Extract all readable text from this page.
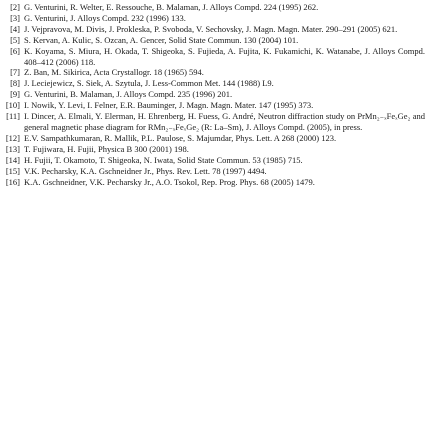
[2] G. Venturini, R. Welter, E. Ressouche, B. Malaman, J. Alloys Compd. 224 (1995) 262.
[3] G. Venturini, J. Alloys Compd. 232 (1996) 133.
[4] J. Vejpravova, M. Divis, J. Prokleska, P. Svoboda, V. Sechovsky, J. Magn. Magn. Mater. 290–291 (2005) 621.
[5] S. Kervan, A. Kulic, S. Ozcan, A. Gencer, Solid State Commun. 130 (2004) 101.
[6] K. Koyama, S. Miura, H. Okada, T. Shigeoka, S. Fujieda, A. Fujita, K. Fukamichi, K. Watanabe, J. Alloys Compd. 408–412 (2006) 118.
[7] Z. Ban, M. Sikirica, Acta Crystallogr. 18 (1965) 594.
[8] J. Leciejewicz, S. Siek, A. Szytula, J. Less-Common Met. 144 (1988) L9.
[9] G. Venturini, B. Malaman, J. Alloys Compd. 235 (1996) 201.
[10] I. Nowik, Y. Levi, I. Felner, E.R. Bauminger, J. Magn. Magn. Mater. 147 (1995) 373.
[11] I. Dincer, A. Elmali, Y. Elerman, H. Ehrenberg, H. Fuess, G. André, Neutron diffraction study on PrMn₂₋ₓFeₓGe₂ and general magnetic phase diagram for RMn₂₋ₓFeₓGe₂ (R: La–Sm), J. Alloys Compd. (2005), in press.
[12] E.V. Sampathkumaran, R. Mallik, P.L. Paulose, S. Majumdar, Phys. Lett. A 268 (2000) 123.
[13] T. Fujiwara, H. Fujii, Physica B 300 (2001) 198.
[14] H. Fujii, T. Okamoto, T. Shigeoka, N. Iwata, Solid State Commun. 53 (1985) 715.
[15] V.K. Pecharsky, K.A. Gschneidner Jr., Phys. Rev. Lett. 78 (1997) 4494.
[16] K.A. Gschneidner, V.K. Pecharsky Jr., A.O. Tsokol, Rep. Prog. Phys. 68 (2005) 1479.
